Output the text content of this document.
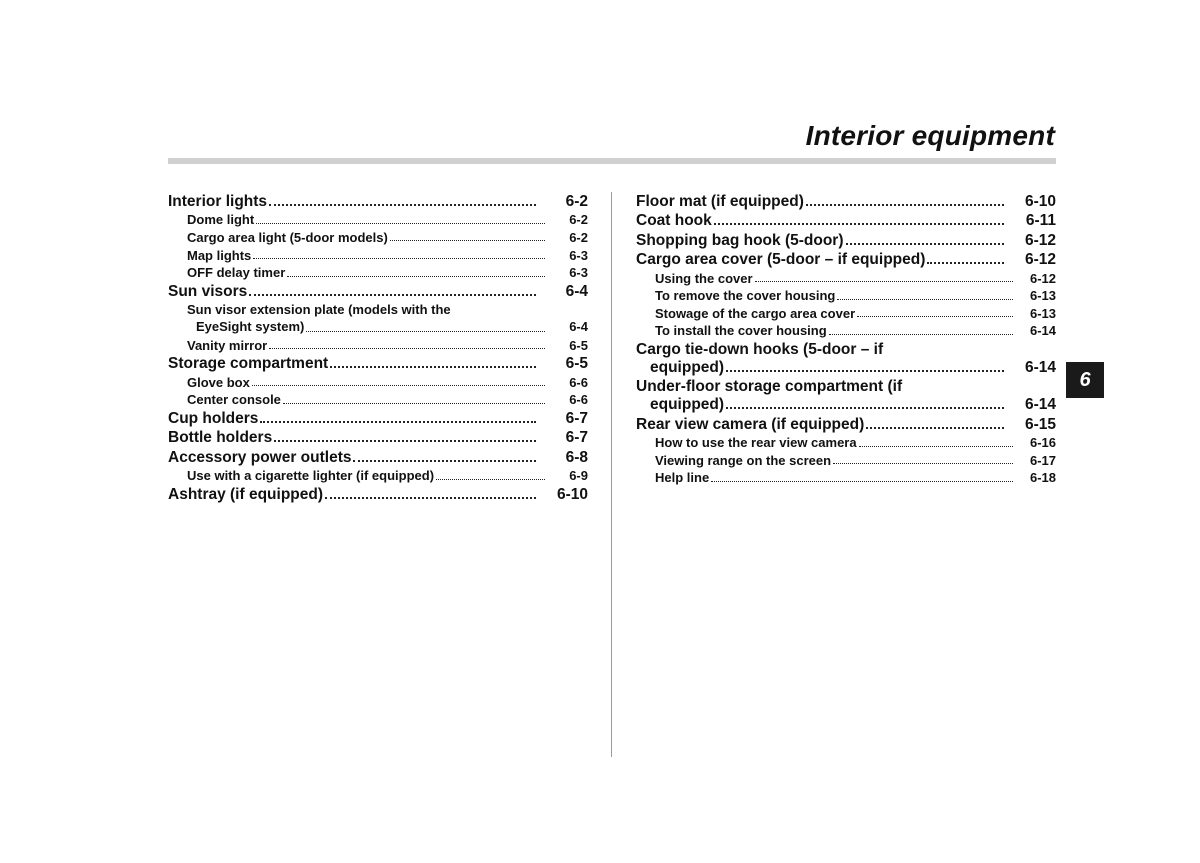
Interior equipment
6
Interior lights	6-2
Dome light	6-2
Cargo area light (5-door models)	6-2
Map lights	6-3
OFF delay timer	6-3
Sun visors	6-4
Sun visor extension plate (models with the
EyeSight system)	6-4
Vanity mirror	6-5
Storage compartment	6-5
Glove box	6-6
Center console	6-6
Cup holders	6-7
Bottle holders	6-7
Accessory power outlets	6-8
Use with a cigarette lighter (if equipped)	6-9
Ashtray (if equipped)	6-10
Floor mat (if equipped)	6-10
Coat hook	6-11
Shopping bag hook (5-door)	6-12
Cargo area cover (5-door – if equipped)	6-12
Using the cover	6-12
To remove the cover housing	6-13
Stowage of the cargo area cover	6-13
To install the cover housing	6-14
Cargo tie-down hooks (5-door – if
equipped)	6-14
Under-floor storage compartment (if
equipped)	6-14
Rear view camera (if equipped)	6-15
How to use the rear view camera	6-16
Viewing range on the screen	6-17
Help line	6-18
